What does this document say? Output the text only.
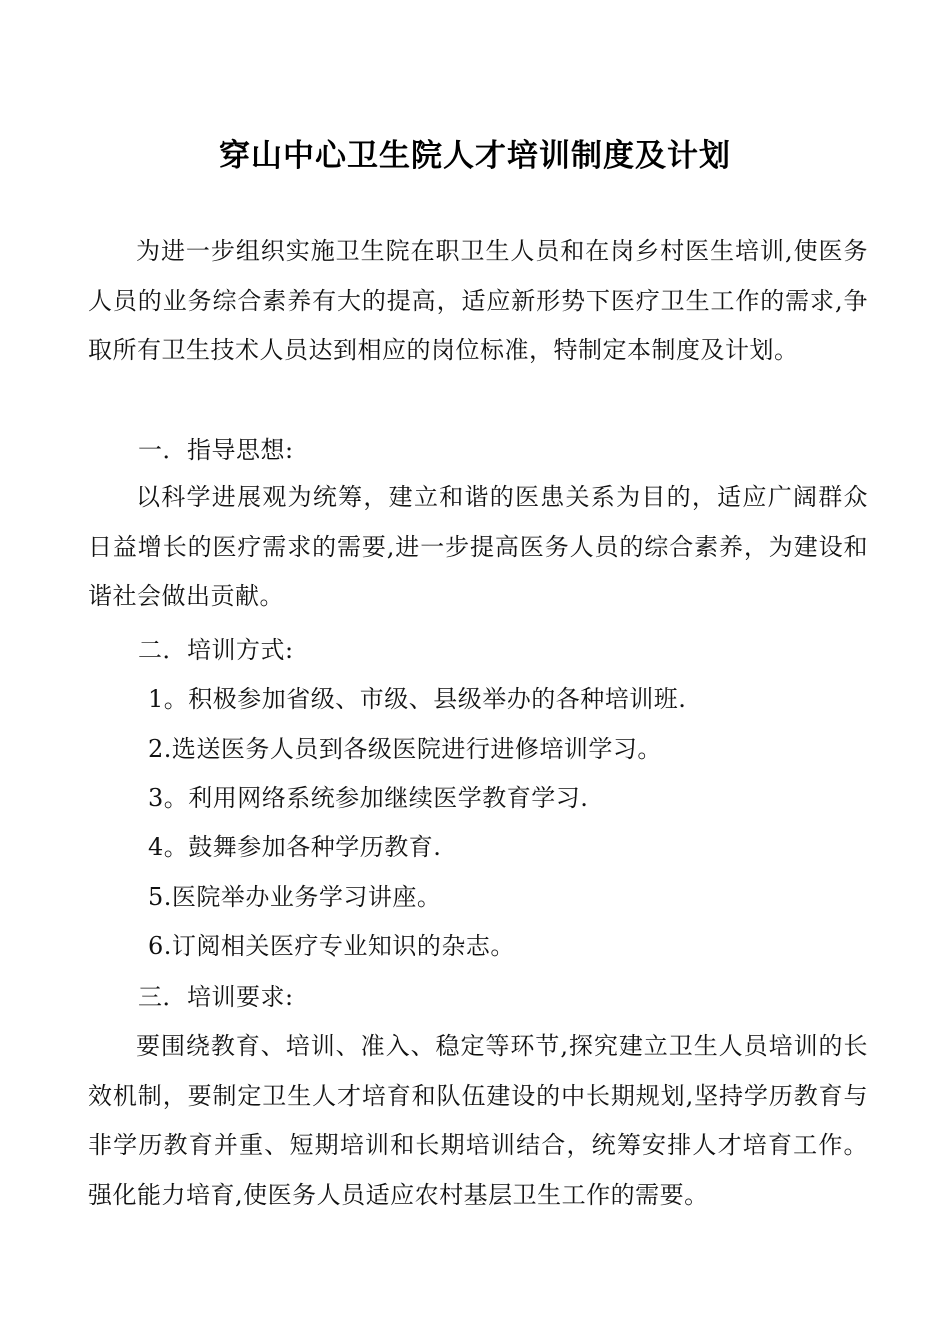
穿山中心卫生院人才培训制度及计划

为进一步组织实施卫生院在职卫生人员和在岗乡村医生培训,使医务人员的业务综合素养有大的提高，适应新形势下医疗卫生工作的需求,争取所有卫生技术人员达到相应的岗位标准，特制定本制度及计划。

一．指导思想:

以科学进展观为统筹，建立和谐的医患关系为目的，适应广阔群众日益增长的医疗需求的需要,进一步提高医务人员的综合素养，为建设和谐社会做出贡献。

二．培训方式:
1。积极参加省级、市级、县级举办的各种培训班.
2.选送医务人员到各级医院进行进修培训学习。
3。利用网络系统参加继续医学教育学习.
4。鼓舞参加各种学历教育.
5.医院举办业务学习讲座。
6.订阅相关医疗专业知识的杂志。
三．培训要求:

要围绕教育、培训、准入、稳定等环节,探究建立卫生人员培训的长效机制，要制定卫生人才培育和队伍建设的中长期规划,坚持学历教育与非学历教育并重、短期培训和长期培训结合，统筹安排人才培育工作。强化能力培育,使医务人员适应农村基层卫生工作的需要。
